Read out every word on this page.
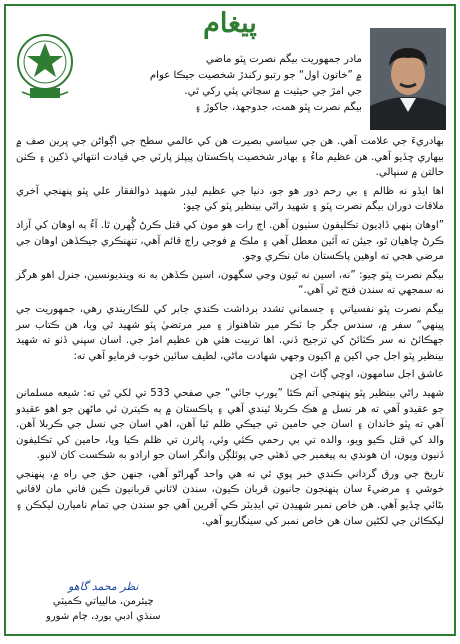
پيغام

مادر جمهوريت بيگم نصرت ڀٽو ماضي

۾ ”خاتون اول“ جو رتبو رکندڙ شخصيت جيڪا عوام

جي امڙ جي حيثيت ۾ سڃاتي پئي رکي ٿي.

بيگم نصرت ڀٽو همت، جدوجهد، جاکوڙ ۽

بهادريءَ جي علامت آهي. هن جي سياسي بصيرت هن کي عالمي سطح جي اڳواڻن جي ڀرين صف ۾ بيهاري ڇڏيو آهي. هن عظيم ماءُ ۽ بهادر شخصيت پاڪستان پيپلز پارٽي جي قيادت انتهائي ڏکين ۽ ڪٺن حالتن ۾ سنڀالي.

اها ايڏو نه ظالم ۽ بي رحم دور هو جو، دنيا جي عظيم ليڊر شهيد ذوالفقار علي ڀٽو پنهنجي آخري ملاقات دوران بيگم نصرت ڀٽو ۽ شهيد راڻي بينظير ڀٽو کي چيو:

”اوهان ٻنهي ڏاڍيون تڪليفون سٺيون آهن. اڄ رات هو مون کي قتل ڪرڻ ڳُهرن ٿا. آءُ ٻه اوهان کي آزاد ڪرڻ چاهيان ٿو، جيئن ته آئين معطل آهي ۽ ملڪ ۾ فوجي راڄ قائم آهي، تنهنڪري جيڪڏهن اوهان جي مرضي هجي ته اوهين پاڪستان مان نڪري وڃو.

بيگم نصرت ڀٽو چيو: ”نه، اسين نه ٿيون وڃي سگهون، اسين ڪڏهن به نه وينديونسين، جنرل اهو هرگز نه سمجهي ته سندن فتح ٿي آهي.“

بيگم نصرت ڀٽو نفسياتي ۽ جسماني تشدد برداشت ڪندي جابر کي للڪاريندي رهي، جمهوريت جي ڀينهي“ سفر ۾، سندس جگر جا ٽڪر مير شاهنواز ۽ مير مرتضيٰ ڀٽو شهيد ٿي ويا، هن ڪتاب سر جهڪائڻ نه سر ڪٽائڻ کي ترجيح ڏني. اها تربيت هئي هن عظيم امڙ جي. اسان سڀني ڏٺو ته شهيد بينظير ڀٽو اجل جي اکين ۾ اکيون وجهي شهادت ماڻي، لطيف سائين خوب فرمايو آهي ته:

عاشق اجل سامهون، اوچي ڳاٽ اچن

شهيد راڻي بينظير ڀٽو پنهنجي آتم ڪٿا ”يورپ جائي“ جي صفحي 533 تي لکي ٿي ته: شيعه مسلمانن جو عقيدو آهي ته هر نسل ۾ هڪ ڪربلا ٿيندي آهي ۽ پاڪستان ۾ ٻه ڪيترن ئي ماڻهن جو اهو عقيدو آهي ته ڀٽو خاندان ۽ اسان جي حامين تي جيڪي ظلم ٿيا آهن، اهي اسان جي نسل جي ڪربلا آهن. والد کي قتل ڪيو ويو، والده تي بي رحمي ڪئي وئي، ڀائرن تي ظلم ڪيا ويا، حامين کي تڪليفون ڏنيون ويون، ان هوندي به پيغمبر جي ڏهٽي جي پوئلڳن وانگر اسان جو ارادو به شڪست کان لانبو.

تاريخ جي ورق گرداني ڪندي خبر پوي ٿي ته هي واحد گهراڻو آهي، جنهن حق جي راه ۾، پنهنجي خوشي ۽ مرضيءَ سان پنهنجون جانيون قربان ڪيون، سندن لاثاني قربانيون ڪين فاني مان لافاني بڻائي ڇڏيو آهي. هن خاص نمبر شهيڊن تي ايڊيٽر ڪي آفرين آهي جو سندن جي تمام ناميارن ليکڪن ۽ ليکڪائن جي لکڻين سان هن خاص نمبر کي سينگاريو آهي.

نظر محمد گاهو
چيئرمن، ماليياتي ڪميٽي
سنڌي ادبي بورڊ، ڄام شورو
